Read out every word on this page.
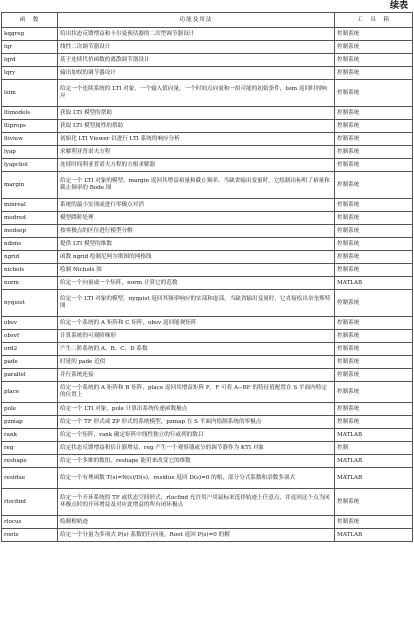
续表
函　数	功能及用法	工　具　箱
kqgreg	给出状态反馈增益和卡尔曼预估器的二次型调节器设计	控制系统
lqr	线性二次调节器设计	控制系统
lqrd	基于连续代价函数的离散调节器设计	控制系统
lqry	输出加权的调节器设计	控制系统
lsim	给定一个连续系统的 LTI 对象，一个输入值向量，一个时间点向量和一组可能的初始条件，lsim 返回时间响应	控制系统
ltimodels	获取 LTI 模型的帮助	控制系统
ltiprops	获取 LTI 模型属性的帮助	控制系统
ltiview	初始化 LTI Viewer 以进行 LTI 系统的响应分析	控制系统
lyap	求解利亚普诺夫方程	控制系统
lyapchol	连续时间利亚普诺夫方程的方根求解器	控制系统
margin	给定一个 LTI 对象的模型，margin 返回其增益裕量和截止频率。当缺省输出变量时，它绘制出标明了裕量和截止频率的 Bode 图	控制系统
minreal	系统的最小实现或进行零极点对消	控制系统
modred	模型降阶处理	控制系统
modsep	按零极点的区位进行模型分解	控制系统
ndims	提供 LTI 模型的维数	控制系统
ngrid	函数 ngrid 绘制尼柯尔斯图的网格线	控制系统
nichols	绘制 Nichols 图	控制系统
norm	给定一个向量或一个矩阵，norm 计算它的范数	MATLAB
nyquist	给定一个 LTI 对象的模型，nyquist 返回其频率响应的实部和虚部。当缺省输出变量时，它直接绘出奈奎斯特图	控制系统
obsv	给定一个系统的 A 矩阵和 C 矩阵，obsv 返回能观矩阵	控制系统
obsvf	计算系统的可观阶梯形	控制系统
ord2	产生二阶系统的 A、B、C、D 系数	控制系统
pade	时延的 pade 近似	控制系统
parallel	并行系统连接	控制系统
place	给定一个系统的 A 矩阵和 B 矩阵，place 返回其增益矩阵 F，F 可将 A−BF 的特征值配置在 S 平面内特定的位置上	控制系统
pole	给定一个 LTI 对象，pole 计算出系统传递函数极点	控制系统
pzmap	给定一个 TF 形式或 ZP 形式的系统模型，pzmap 在 S 平面内绘制系统的零极点	控制系统
rank	给定一个矩阵，rank 确定矩阵中线性独立的行或列的数目	MATLAB
reg	给定状态反馈增益和估计器增益，reg 产生一个观察器或分的调节器作为 KTI 对象	控制
reshape	给定一个多维的数组，reshape 能用来改变它的维数	MATLAB
residue	给定一个有理函数 T(s)=N(s)/D(s)，residue 返回 D(s)=0 的根，部分分式系数和余数多项式	MATLAB
rlocfind	给定一个开环系统的 TF 或状态空间形式，rlocfind 允许用户用鼠标来选择轨迹上任意点，并返回这个点为闭环极点时的开环增益及对应此增益的所有闭环极点	控制系统
rlocus	绘制根轨迹	控制系统
roots	给定一个分量为多项式 P(s) 系数的行向量，Root 返回 P(s)=0 的解	MATLAB
